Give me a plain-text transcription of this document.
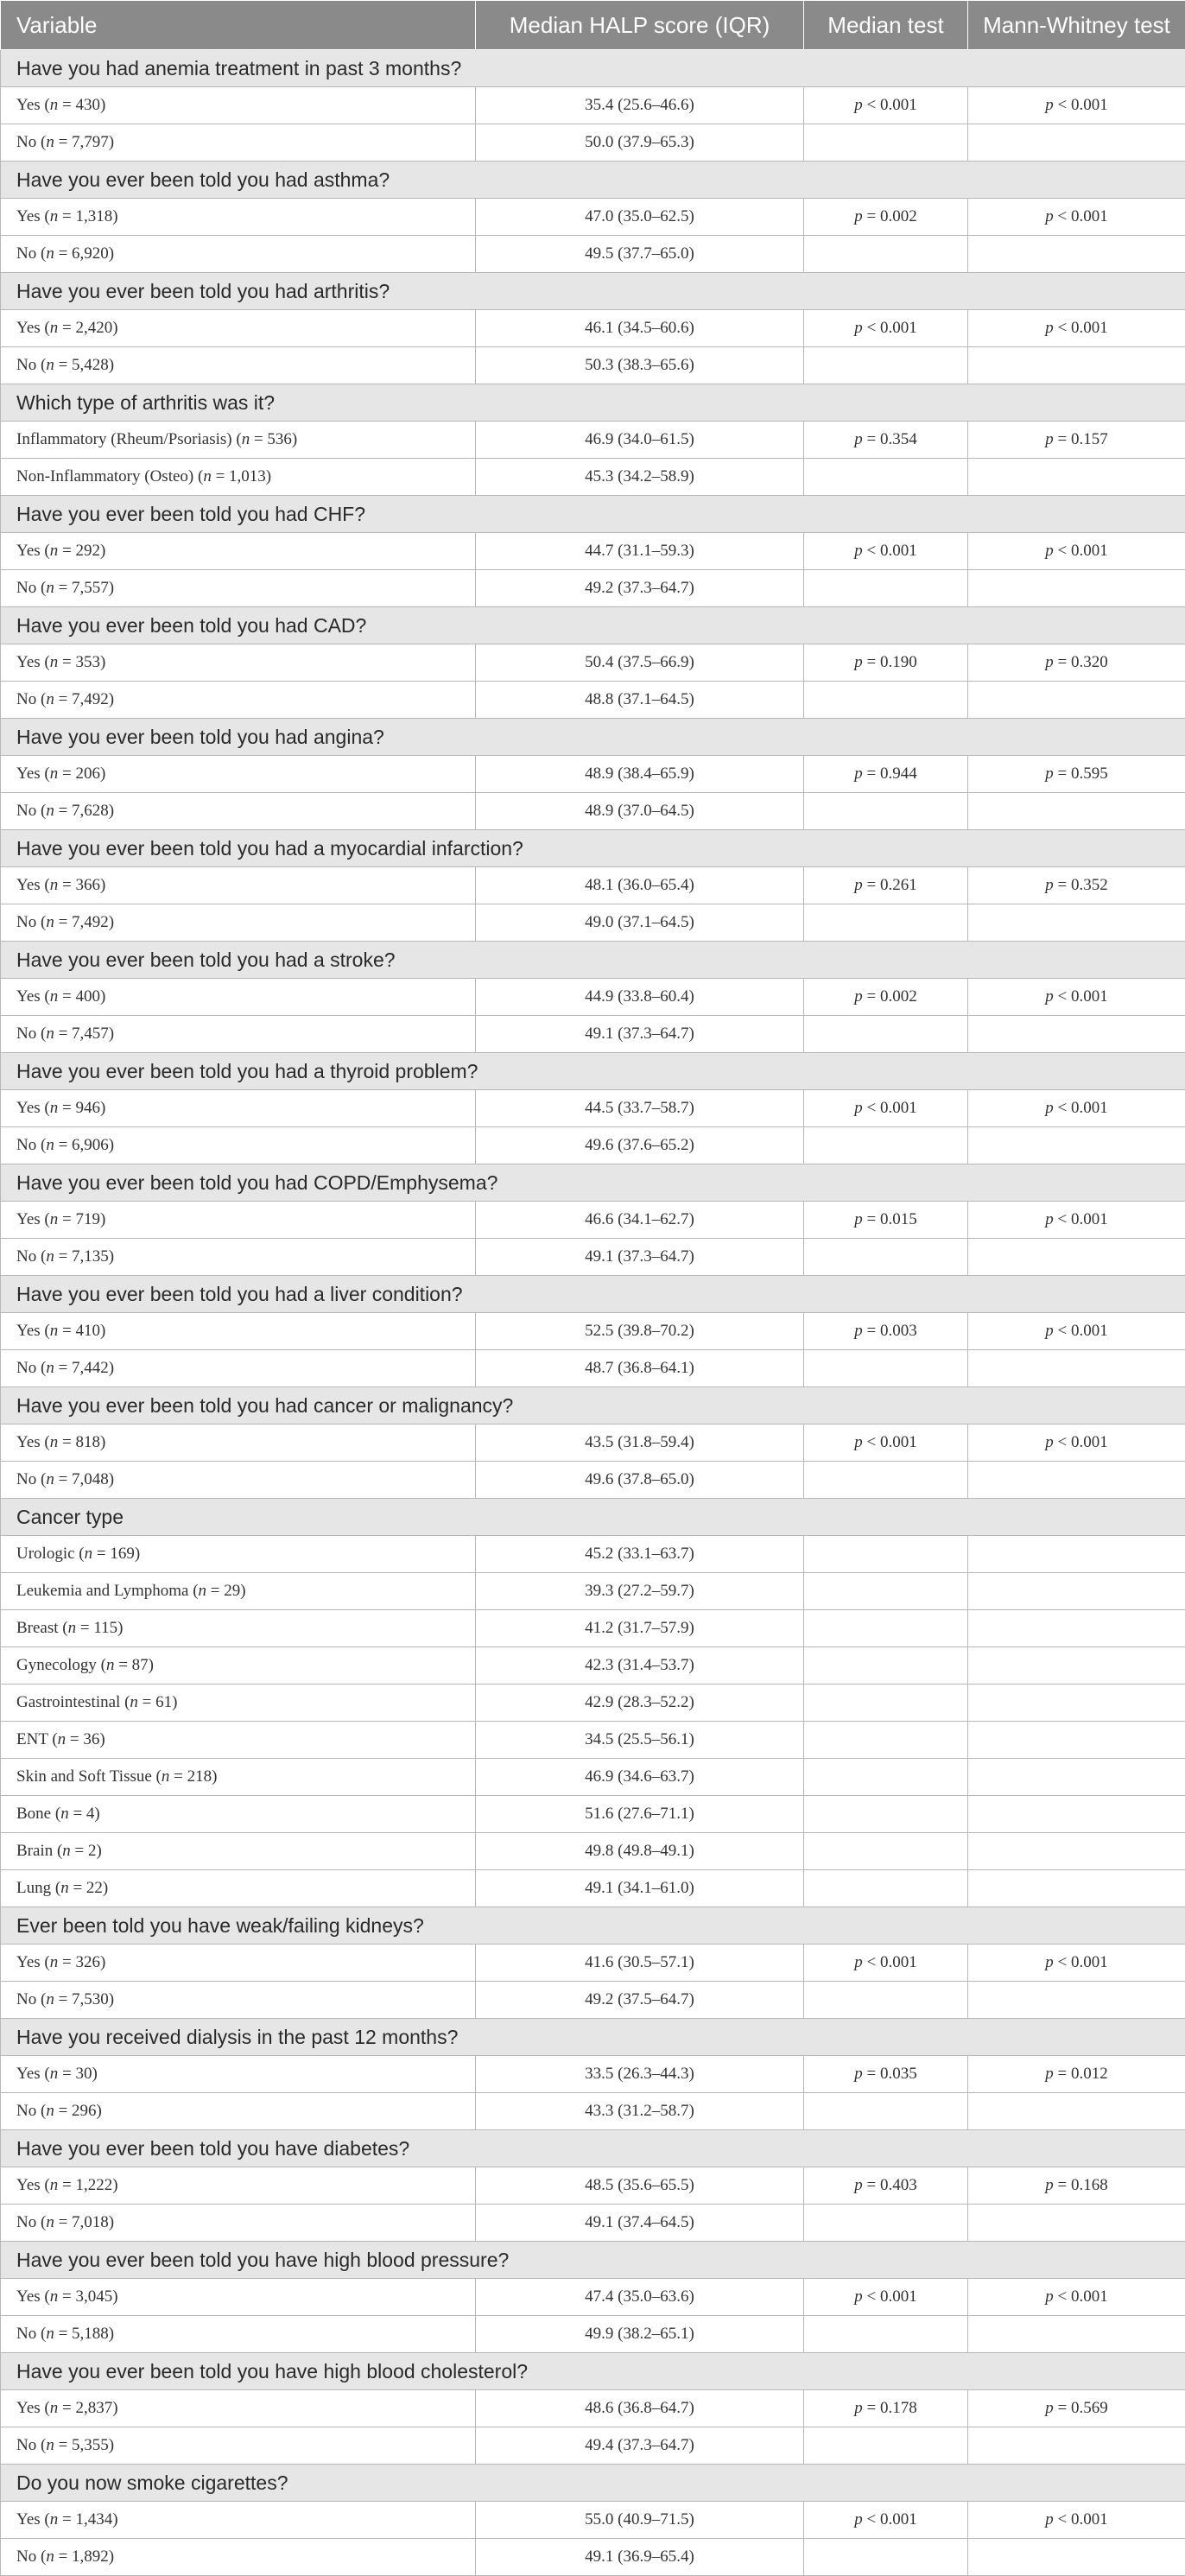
Variable	Median HALP score (IQR)	Median test	Mann-Whitney test
Have you had anemia treatment in past 3 months?			
Yes (n = 430)	35.4 (25.6–46.6)	p < 0.001	p < 0.001
No (n = 7,797)	50.0 (37.9–65.3)		
Have you ever been told you had asthma?			
Yes (n = 1,318)	47.0 (35.0–62.5)	p = 0.002	p < 0.001
No (n = 6,920)	49.5 (37.7–65.0)		
Have you ever been told you had arthritis?			
Yes (n = 2,420)	46.1 (34.5–60.6)	p < 0.001	p < 0.001
No (n = 5,428)	50.3 (38.3–65.6)		
Which type of arthritis was it?			
Inflammatory (Rheum/Psoriasis) (n = 536)	46.9 (34.0–61.5)	p = 0.354	p = 0.157
Non-Inflammatory (Osteo) (n = 1,013)	45.3 (34.2–58.9)		
Have you ever been told you had CHF?			
Yes (n = 292)	44.7 (31.1–59.3)	p < 0.001	p < 0.001
No (n = 7,557)	49.2 (37.3–64.7)		
Have you ever been told you had CAD?			
Yes (n = 353)	50.4 (37.5–66.9)	p = 0.190	p = 0.320
No (n = 7,492)	48.8 (37.1–64.5)		
Have you ever been told you had angina?			
Yes (n = 206)	48.9 (38.4–65.9)	p = 0.944	p = 0.595
No (n = 7,628)	48.9 (37.0–64.5)		
Have you ever been told you had a myocardial infarction?			
Yes (n = 366)	48.1 (36.0–65.4)	p = 0.261	p = 0.352
No (n = 7,492)	49.0 (37.1–64.5)		
Have you ever been told you had a stroke?			
Yes (n = 400)	44.9 (33.8–60.4)	p = 0.002	p < 0.001
No (n = 7,457)	49.1 (37.3–64.7)		
Have you ever been told you had a thyroid problem?			
Yes (n = 946)	44.5 (33.7–58.7)	p < 0.001	p < 0.001
No (n = 6,906)	49.6 (37.6–65.2)		
Have you ever been told you had COPD/Emphysema?			
Yes (n = 719)	46.6 (34.1–62.7)	p = 0.015	p < 0.001
No (n = 7,135)	49.1 (37.3–64.7)		
Have you ever been told you had a liver condition?			
Yes (n = 410)	52.5 (39.8–70.2)	p = 0.003	p < 0.001
No (n = 7,442)	48.7 (36.8–64.1)		
Have you ever been told you had cancer or malignancy?			
Yes (n = 818)	43.5 (31.8–59.4)	p < 0.001	p < 0.001
No (n = 7,048)	49.6 (37.8–65.0)		
Cancer type			
Urologic (n = 169)	45.2 (33.1–63.7)		
Leukemia and Lymphoma (n = 29)	39.3 (27.2–59.7)		
Breast (n = 115)	41.2 (31.7–57.9)		
Gynecology (n = 87)	42.3 (31.4–53.7)		
Gastrointestinal (n = 61)	42.9 (28.3–52.2)		
ENT (n = 36)	34.5 (25.5–56.1)		
Skin and Soft Tissue (n = 218)	46.9 (34.6–63.7)		
Bone (n = 4)	51.6 (27.6–71.1)		
Brain (n = 2)	49.8 (49.8–49.1)		
Lung (n = 22)	49.1 (34.1–61.0)		
Ever been told you have weak/failing kidneys?			
Yes (n = 326)	41.6 (30.5–57.1)	p < 0.001	p < 0.001
No (n = 7,530)	49.2 (37.5–64.7)		
Have you received dialysis in the past 12 months?			
Yes (n = 30)	33.5 (26.3–44.3)	p = 0.035	p = 0.012
No (n = 296)	43.3 (31.2–58.7)		
Have you ever been told you have diabetes?			
Yes (n = 1,222)	48.5 (35.6–65.5)	p = 0.403	p = 0.168
No (n = 7,018)	49.1 (37.4–64.5)		
Have you ever been told you have high blood pressure?			
Yes (n = 3,045)	47.4 (35.0–63.6)	p < 0.001	p < 0.001
No (n = 5,188)	49.9 (38.2–65.1)		
Have you ever been told you have high blood cholesterol?			
Yes (n = 2,837)	48.6 (36.8–64.7)	p = 0.178	p = 0.569
No (n = 5,355)	49.4 (37.3–64.7)		
Do you now smoke cigarettes?			
Yes (n = 1,434)	55.0 (40.9–71.5)	p < 0.001	p < 0.001
No (n = 1,892)	49.1 (36.9–65.4)		
